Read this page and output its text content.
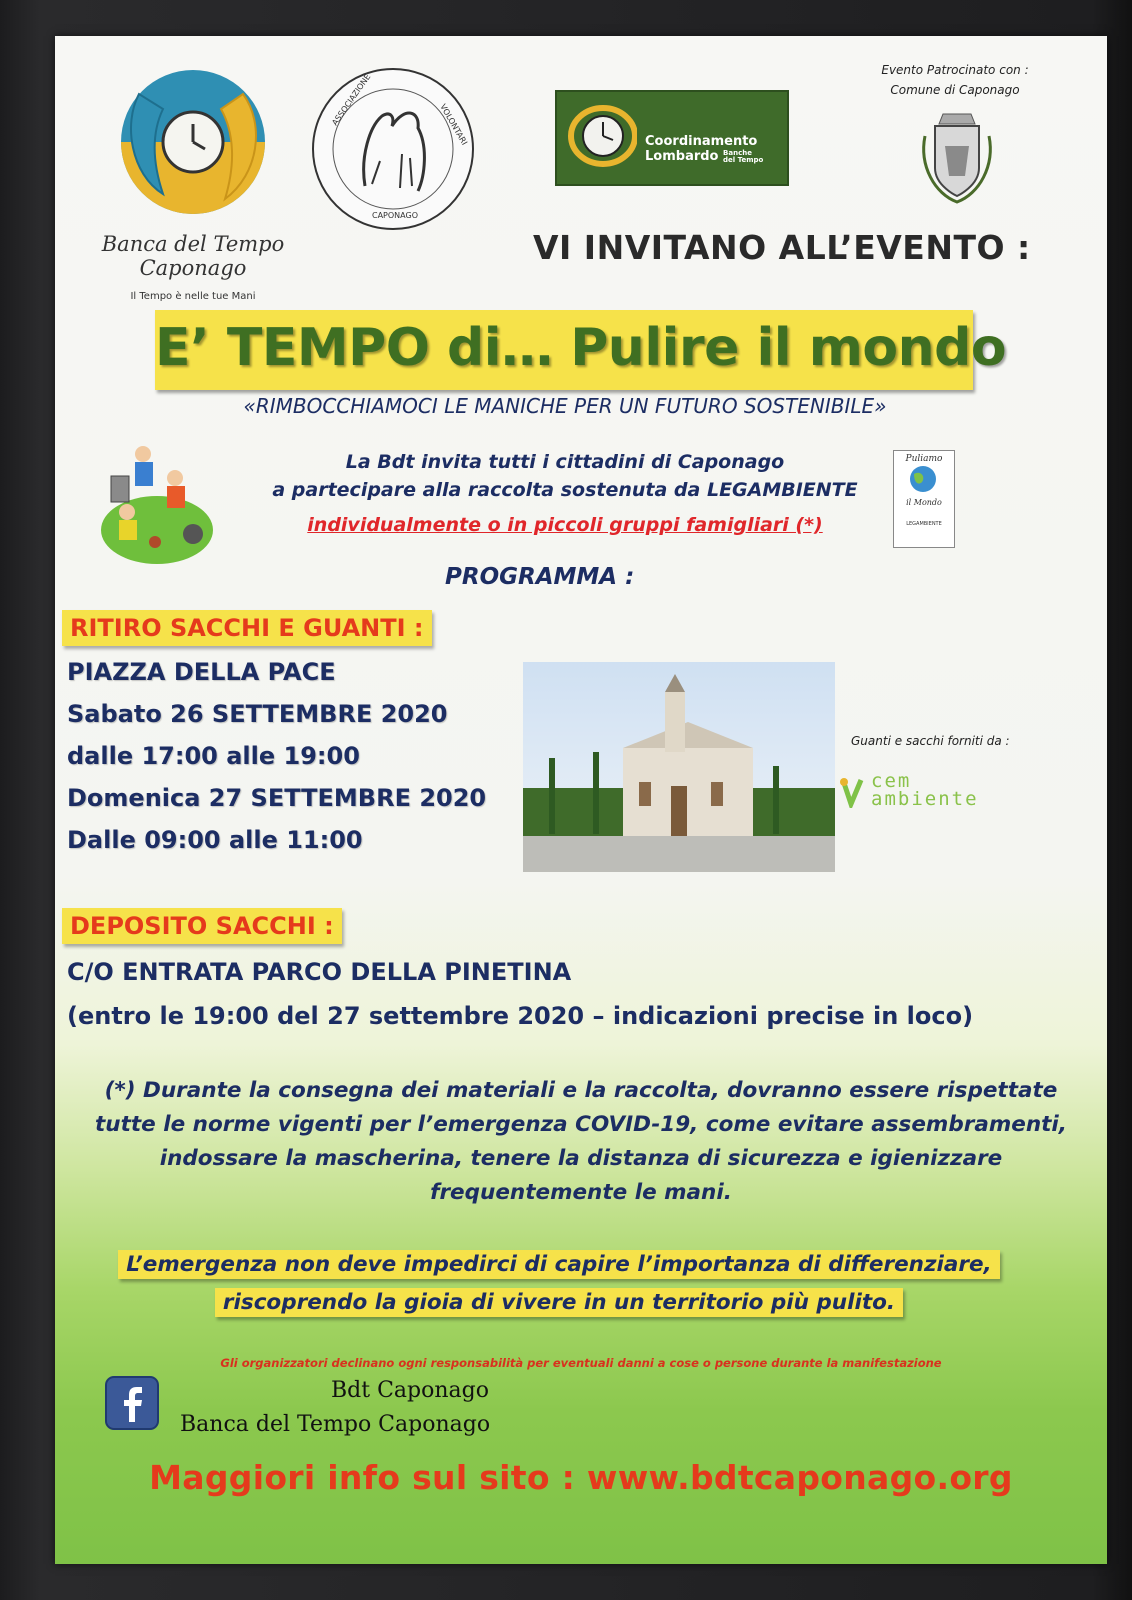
Banca del Tempo
Caponago
Il Tempo è nelle tue Mani
ASSOCIAZIONE	VOLONTARI
CAPONAGO
Coordinamento
Lombardo Banche
del Tempo
Evento Patrocinato con :
Comune di Caponago
VI INVITANO ALL’EVENTO :
E’ TEMPO di… Pulire il mondo
«RIMBOCCHIAMOCI LE MANICHE PER UN FUTURO SOSTENIBILE»
La Bdt invita tutti i cittadini di Caponago
a partecipare alla raccolta sostenuta da LEGAMBIENTE
individualmente o in piccoli gruppi famigliari (*)
Puliamo
il Mondo
LEGAMBIENTE
PROGRAMMA :
RITIRO SACCHI E GUANTI :
PIAZZA DELLA PACE
Sabato 26 SETTEMBRE 2020
dalle 17:00 alle 19:00
Domenica 27 SETTEMBRE 2020
Dalle 09:00 alle 11:00
Guanti e sacchi forniti da :
cem
ambiente
DEPOSITO SACCHI :
C/O ENTRATA PARCO DELLA PINETINA
(entro le 19:00 del 27 settembre 2020 – indicazioni precise in loco)
(*) Durante la consegna dei materiali e la raccolta, dovranno essere rispettate
tutte le norme vigenti per l’emergenza COVID-19, come evitare assembramenti,
indossare la mascherina, tenere la distanza di sicurezza e igienizzare
frequentemente le mani.
L’emergenza non deve impedirci di capire l’importanza di differenziare,
riscoprendo la gioia di vivere in un territorio più pulito.
Gli organizzatori declinano ogni responsabilità per eventuali danni a cose o persone durante la manifestazione
Bdt Caponago
Banca del Tempo Caponago
Maggiori info sul sito : www.bdtcaponago.org
